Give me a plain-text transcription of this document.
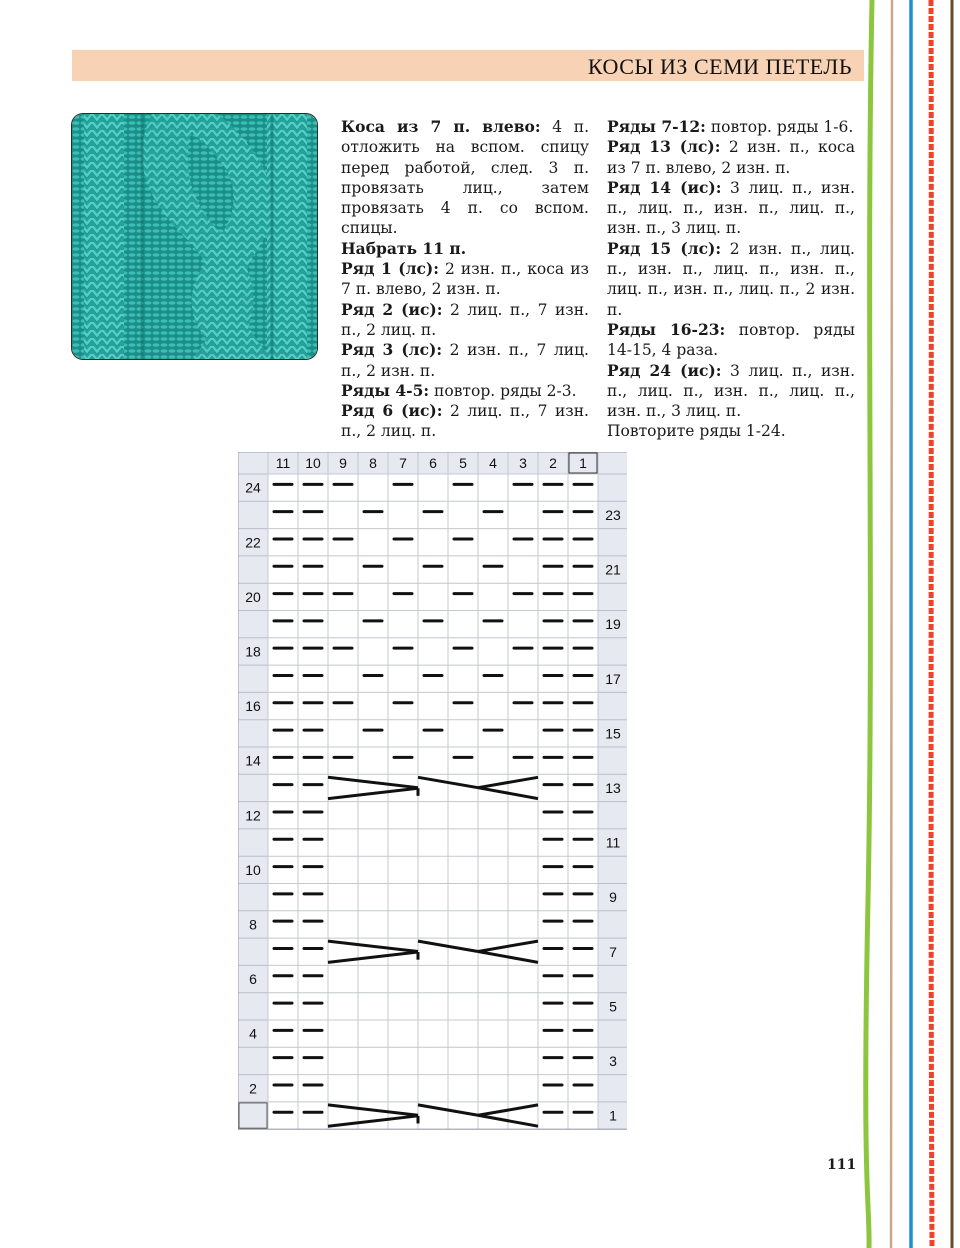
КОСЫ ИЗ СЕМИ ПЕТЕЛЬ

Коса из 7 п. влево: 4 п. отложить на вспом. спицу перед работой, след. 3 п. провязать лиц., затем провязать 4 п. со вспом. спицы.

Набрать 11 п.

Ряд 1 (лс): 2 изн. п., коса из 7 п. влево, 2 изн. п.

Ряд 2 (ис): 2 лиц. п., 7 изн. п., 2 лиц. п.

Ряд 3 (лс): 2 изн. п., 7 лиц. п., 2 изн. п.

Ряды 4-5: повтор. ряды 2-3.

Ряд 6 (ис): 2 лиц. п., 7 изн. п., 2 лиц. п.

Ряды 7-12: повтор. ряды 1-6.

Ряд 13 (лс): 2 изн. п., коса из 7 п. влево, 2 изн. п.

Ряд 14 (ис): 3 лиц. п., изн. п., лиц. п., изн. п., лиц. п., изн. п., 3 лиц. п.

Ряд 15 (лс): 2 изн. п., лиц. п., изн. п., лиц. п., изн. п., лиц. п., изн. п., лиц. п., 2 изн. п.

Ряды 16-23: повтор. ряды 14-15, 4 раза.

Ряд 24 (ис): 3 лиц. п., изн. п., лиц. п., изн. п., лиц. п., изн. п., 3 лиц. п.

Повторите ряды 1-24.

11 10 9 8 7 6 5 4 3 2 1
24
22
20
18
16
14
12
10
8
6
4
2
23
21
19
17
15
13
11
9
7
5
3
1
111
